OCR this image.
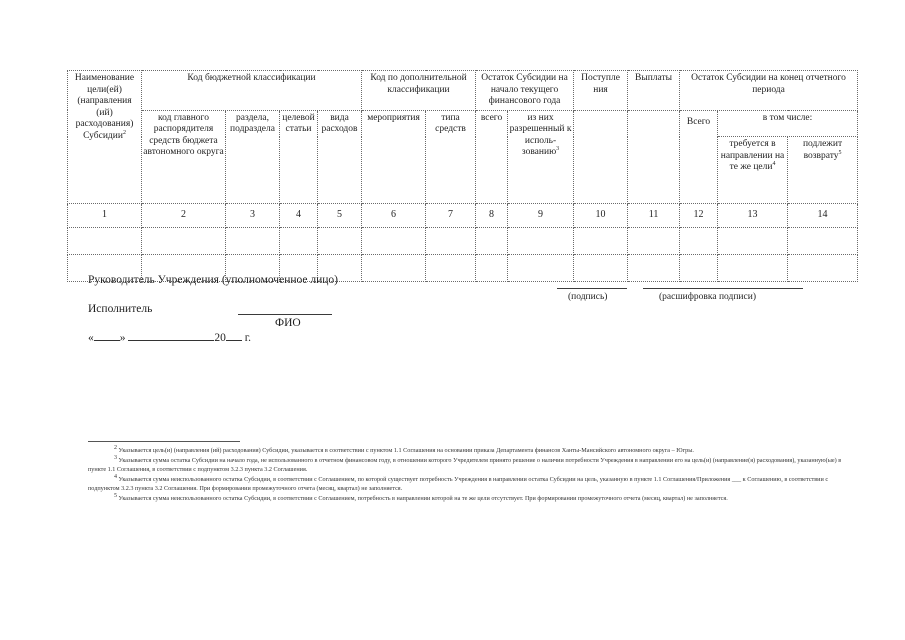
Наименование цели(ей) (направления (ий) расходования) Субсидии$^2$	Код бюджетной классификации				Код по дополнительной классификации		Остаток Субсидии на начало текущего финансового года		Поступле ния	Выплаты	Остаток Субсидии на конец отчетного периода		
	код главного распорядителя средств бюджета автономного округа	раздела, подраздела	целевой статьи	вида расходов	мероприятия	типа средств	всего	из них разрешенный к исполь-зованию$^3$			Всего	в том числе:	
												требуется в направлении на те же цели$^4$	подлежит возврату$^5$
1	2	3	4	5	6	7	8	9	10	11	12	13	14

Руководитель Учреждения (уполномоченное лицо)
(подпись)	(расшифровка подписи)
Исполнитель
ФИО
« »	20 г.

$^2$ Указывается цель(и) (направления (ий) расходования) Субсидии, указывается в соответствии с пунктом 1.1 Соглашения на основании приказа Департамента финансов Ханты-Мансийского автономного округа – Югры.

$^3$ Указывается сумма остатка Субсидии на начало года, не использованного в отчетном финансовом году, в отношении которого Учредителем принято решение о наличии потребности Учреждения в направлении его на цель(и) (направление(я) расходования), указанную(ые) в пункте 1.1 Соглашения, в соответствии с подпунктом 3.2.3 пункта 3.2 Соглашения.

$^4$ Указывается сумма неиспользованного остатка Субсидии, в соответствии с Соглашением, по которой существует потребность Учреждения в направлении остатка Субсидии на цель, указанную в пункте 1.1 Соглашения/Приложения ___ к Соглашению, в соответствии с подпунктом 3.2.3 пункта 3.2 Соглашения. При формировании промежуточного отчета (месяц, квартал) не заполняется.

$^5$ Указывается сумма неиспользованного остатка Субсидии, в соответствии с Соглашением, потребность в направлении которой на те же цели отсутствует. При формировании промежуточного отчета (месяц, квартал) не заполняется.
